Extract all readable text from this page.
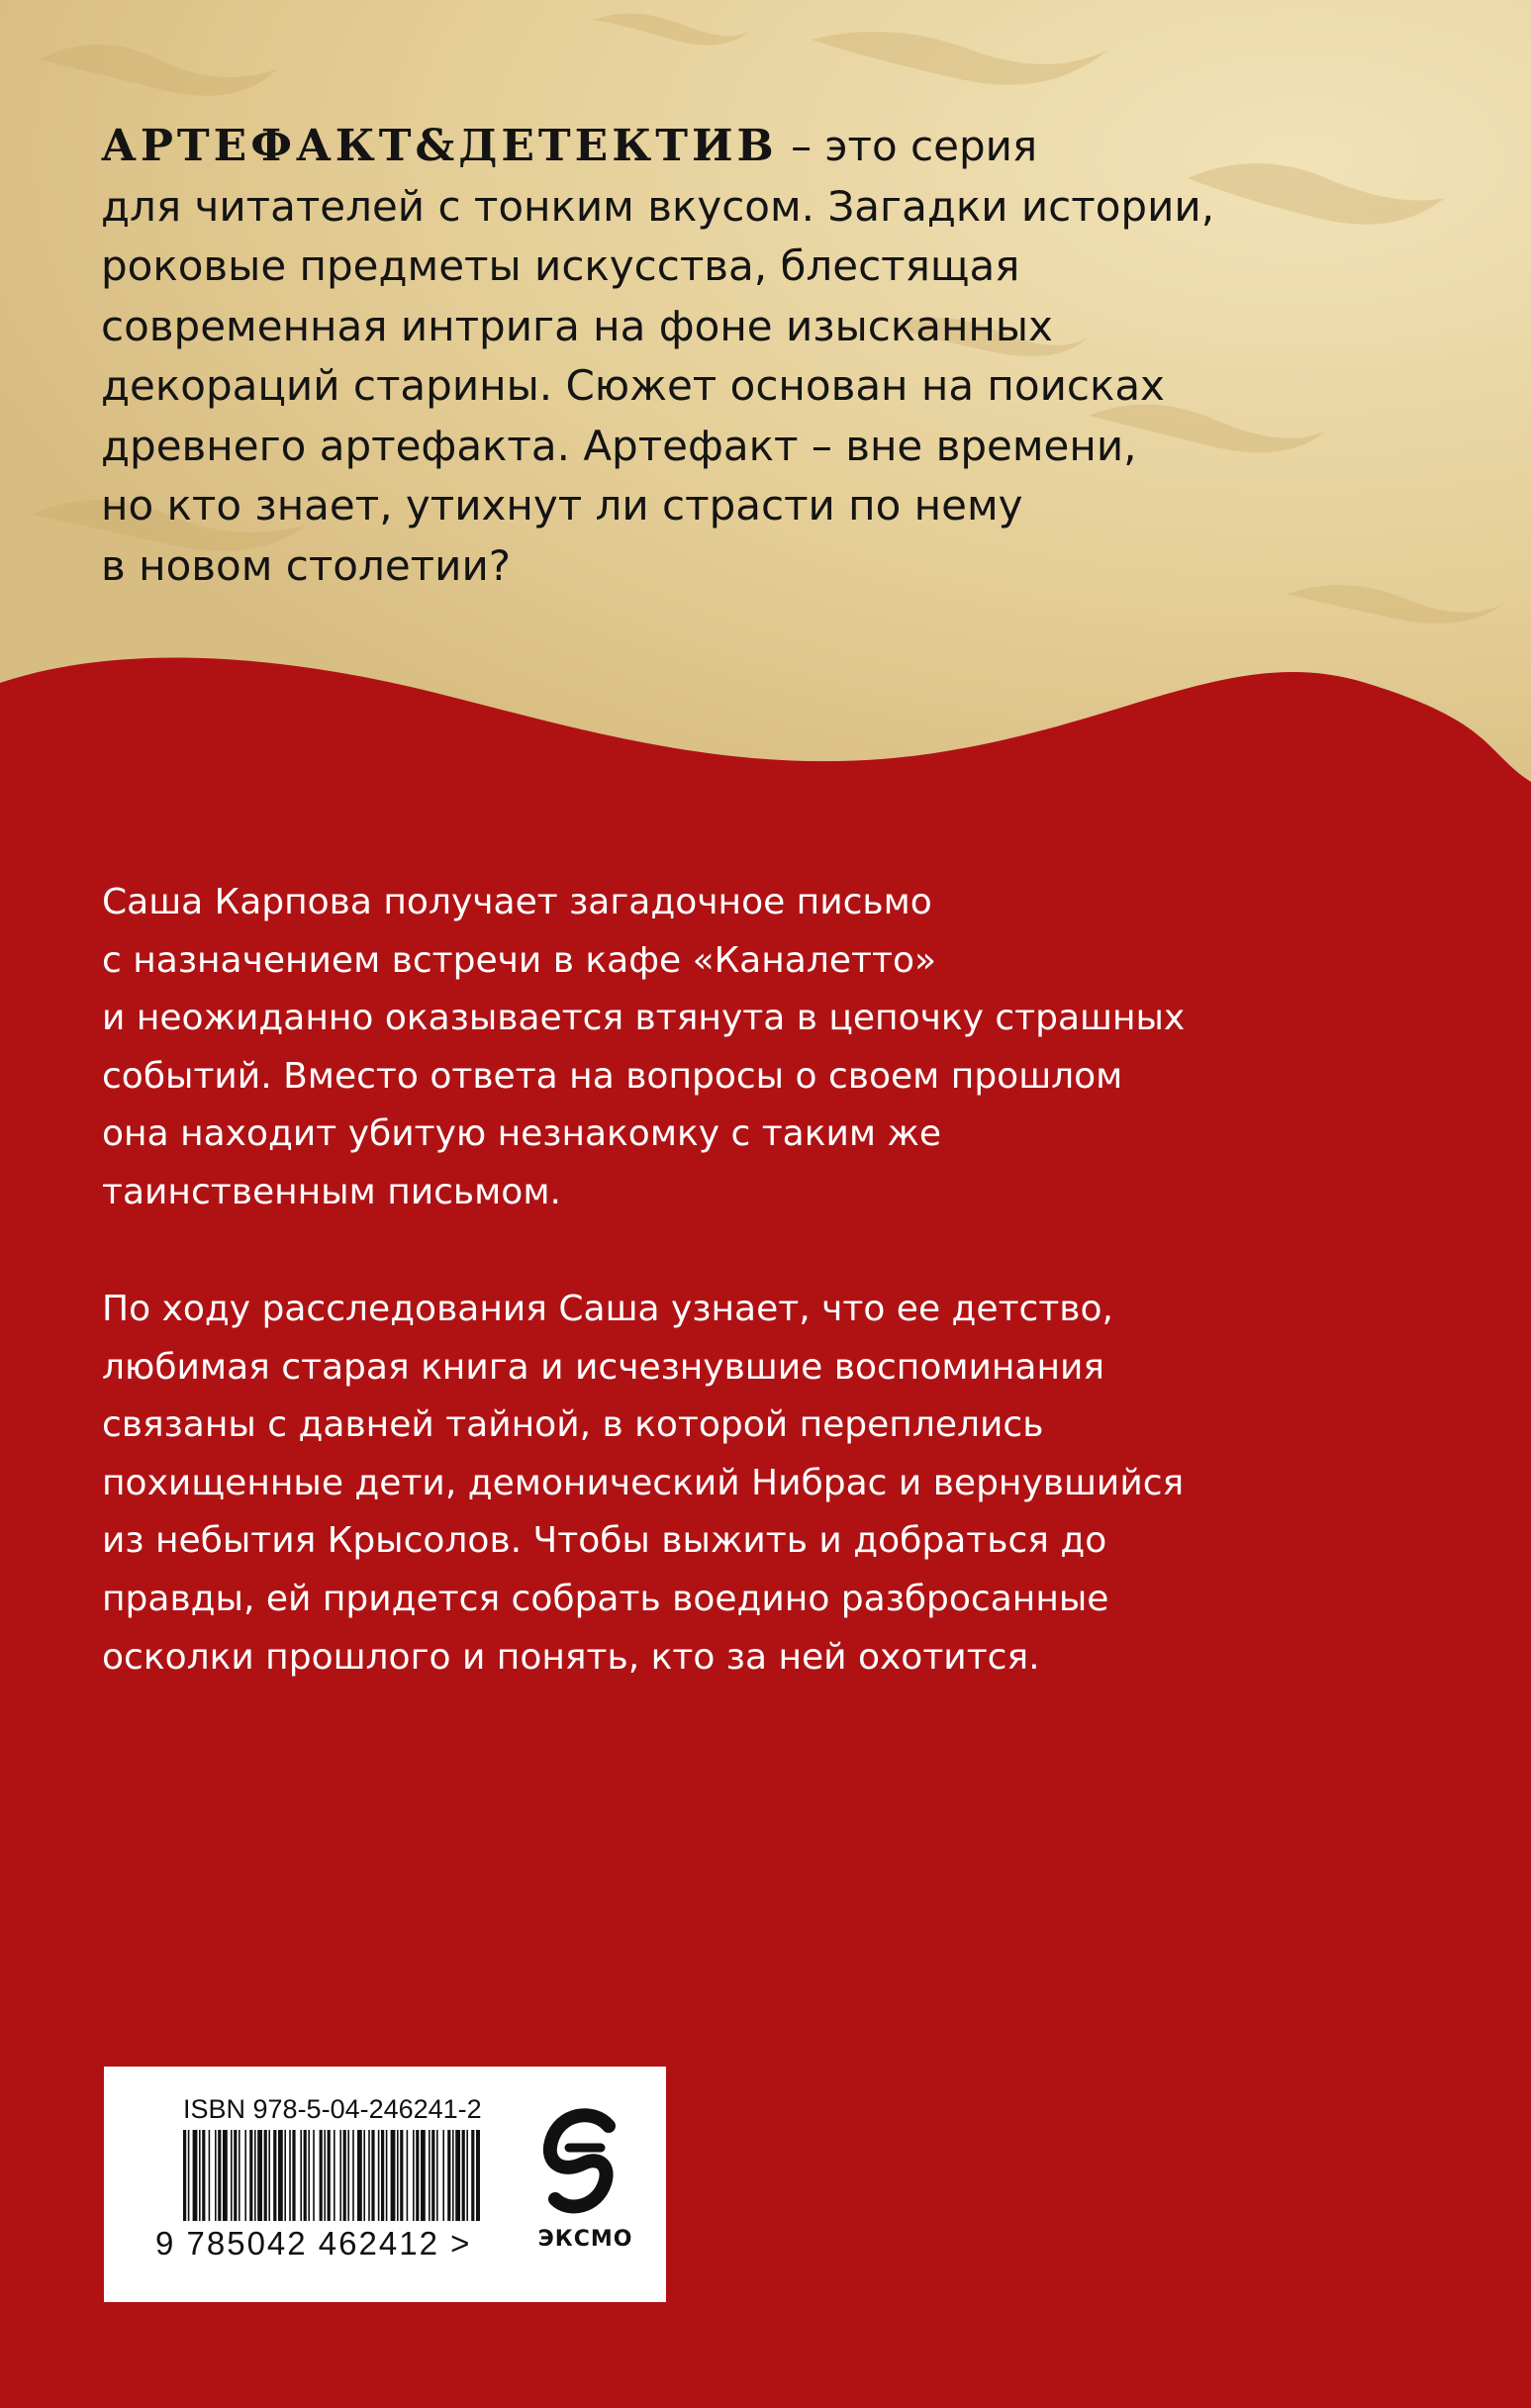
АРТЕФАКТ&ДЕТЕКТИВ – это серия
для читателей с тонким вкусом. Загадки истории,
роковые предметы искусства, блестящая
современная интрига на фоне изысканных
декораций старины. Сюжет основан на поисках
древнего артефакта. Артефакт – вне времени,
но кто знает, утихнут ли страсти по нему
в новом столетии?
Саша Карпова получает загадочное письмо
с назначением встречи в кафе «Каналетто»
и неожиданно оказывается втянута в цепочку страшных
событий. Вместо ответа на вопросы о своем прошлом
она находит убитую незнакомку с таким же
таинственным письмом.
По ходу расследования Саша узнает, что ее детство,
любимая старая книга и исчезнувшие воспоминания
связаны с давней тайной, в которой переплелись
похищенные дети, демонический Нибрас и вернувшийся
из небытия Крысолов. Чтобы выжить и добраться до
правды, ей придется собрать воедино разбросанные
осколки прошлого и понять, кто за ней охотится.
ISBN 978-5-04-246241-2
9 785042 462412 >	ЭКСМО
